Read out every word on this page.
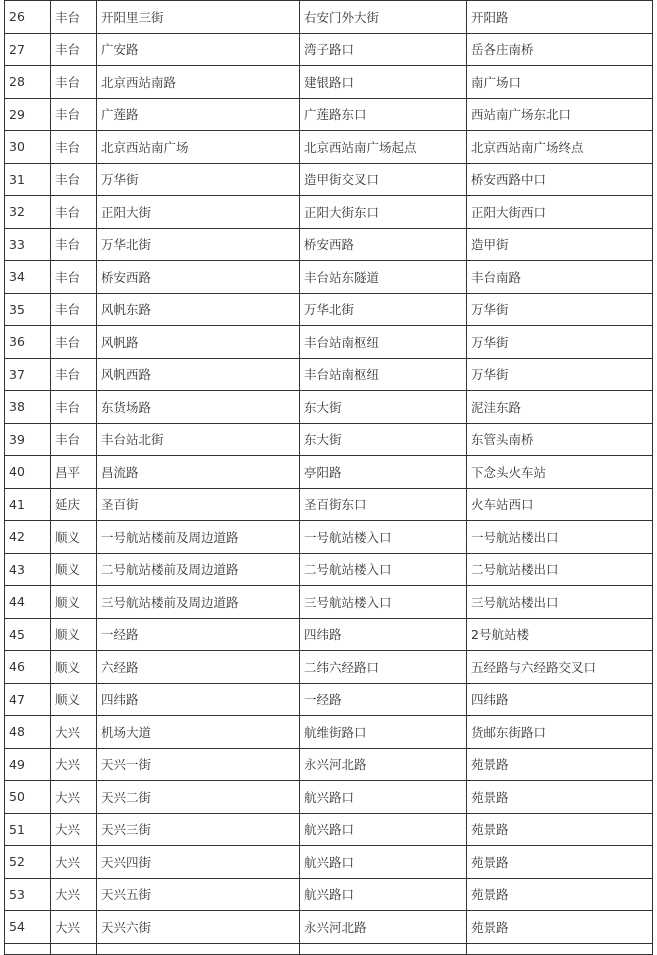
26	丰台	开阳里三街	右安门外大街	开阳路
27	丰台	广安路	湾子路口	岳各庄南桥
28	丰台	北京西站南路	建银路口	南广场口
29	丰台	广莲路	广莲路东口	西站南广场东北口
30	丰台	北京西站南广场	北京西站南广场起点	北京西站南广场终点
31	丰台	万华街	造甲街交叉口	桥安西路中口
32	丰台	正阳大街	正阳大街东口	正阳大街西口
33	丰台	万华北街	桥安西路	造甲街
34	丰台	桥安西路	丰台站东隧道	丰台南路
35	丰台	风帆东路	万华北街	万华街
36	丰台	风帆路	丰台站南枢纽	万华街
37	丰台	风帆西路	丰台站南枢纽	万华街
38	丰台	东货场路	东大街	泥洼东路
39	丰台	丰台站北街	东大街	东管头南桥
40	昌平	昌流路	亭阳路	下念头火车站
41	延庆	圣百街	圣百街东口	火车站西口
42	顺义	一号航站楼前及周边道路	一号航站楼入口	一号航站楼出口
43	顺义	二号航站楼前及周边道路	二号航站楼入口	二号航站楼出口
44	顺义	三号航站楼前及周边道路	三号航站楼入口	三号航站楼出口
45	顺义	一经路	四纬路	2号航站楼
46	顺义	六经路	二纬六经路口	五经路与六经路交叉口
47	顺义	四纬路	一经路	四纬路
48	大兴	机场大道	航维街路口	货邮东街路口
49	大兴	天兴一街	永兴河北路	苑景路
50	大兴	天兴二街	航兴路口	苑景路
51	大兴	天兴三街	航兴路口	苑景路
52	大兴	天兴四街	航兴路口	苑景路
53	大兴	天兴五街	航兴路口	苑景路
54	大兴	天兴六街	永兴河北路	苑景路
